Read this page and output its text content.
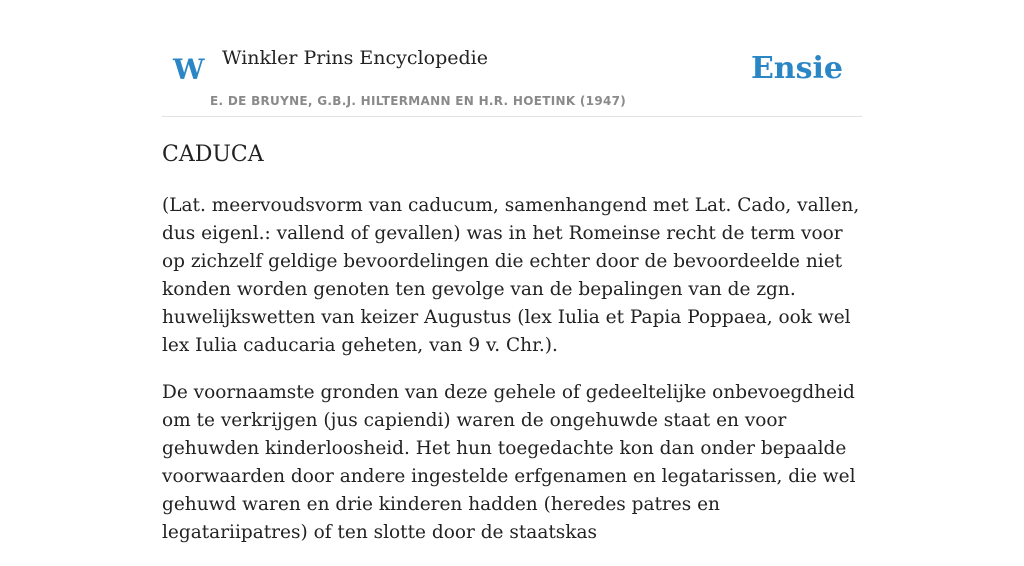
W Winkler Prins Encyclopedie
E. DE BRUYNE, G.B.J. HILTERMANN EN H.R. HOETINK (1947)
Ensie
CADUCA

(Lat. meervoudsvorm van caducum, samenhangend met Lat. Cado, vallen, dus eigenl.: vallend of gevallen) was in het Romeinse recht de term voor op zichzelf geldige bevoordelingen die echter door de bevoordeelde niet konden worden genoten ten gevolge van de bepalingen van de zgn. huwelijkswetten van keizer Augustus (lex Iulia et Papia Poppaea, ook wel lex Iulia caducaria geheten, van 9 v. Chr.).

De voornaamste gronden van deze gehele of gedeeltelijke onbevoegdheid om te verkrijgen (jus capiendi) waren de ongehuwde staat en voor gehuwden kinderloosheid. Het hun toegedachte kon dan onder bepaalde voorwaarden door andere ingestelde erfgenamen en legatarissen, die wel gehuwd waren en drie kinderen hadden (heredes patres en legatariipatres) of ten slotte door de staatskas
